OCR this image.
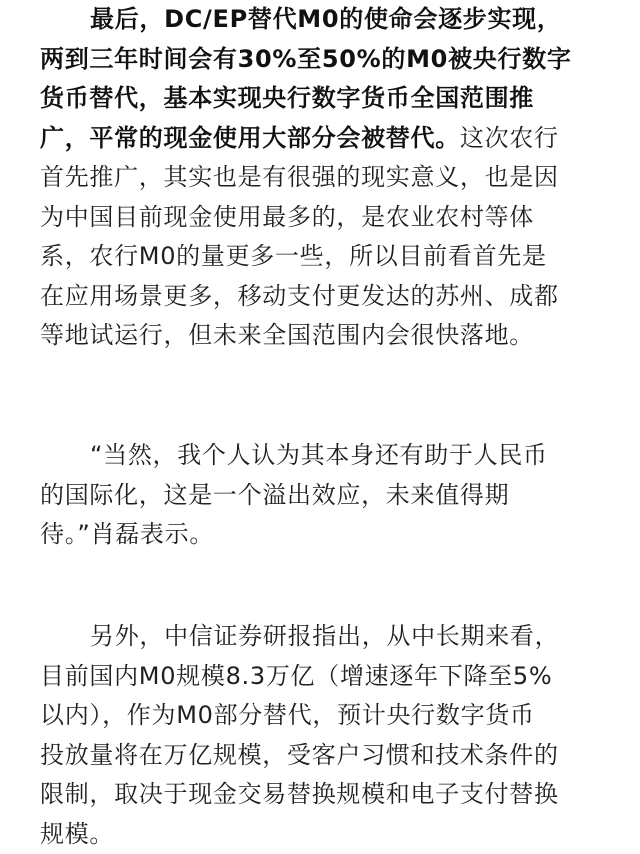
最后，DC/EP替代M0的使命会逐步实现，
两到三年时间会有30%至50%的M0被央行数字
货币替代，基本实现央行数字货币全国范围推
广，平常的现金使用大部分会被替代。这次农行
首先推广，其实也是有很强的现实意义，也是因
为中国目前现金使用最多的，是农业农村等体
系，农行M0的量更多一些，所以目前看首先是
在应用场景更多，移动支付更发达的苏州、成都
等地试运行，但未来全国范围内会很快落地。
“当然，我个人认为其本身还有助于人民币
的国际化，这是一个溢出效应，未来值得期
待。”肖磊表示。
另外，中信证券研报指出，从中长期来看，
目前国内M0规模8.3万亿（增速逐年下降至5%
以内），作为M0部分替代，预计央行数字货币
投放量将在万亿规模，受客户习惯和技术条件的
限制，取决于现金交易替换规模和电子支付替换
规模。
